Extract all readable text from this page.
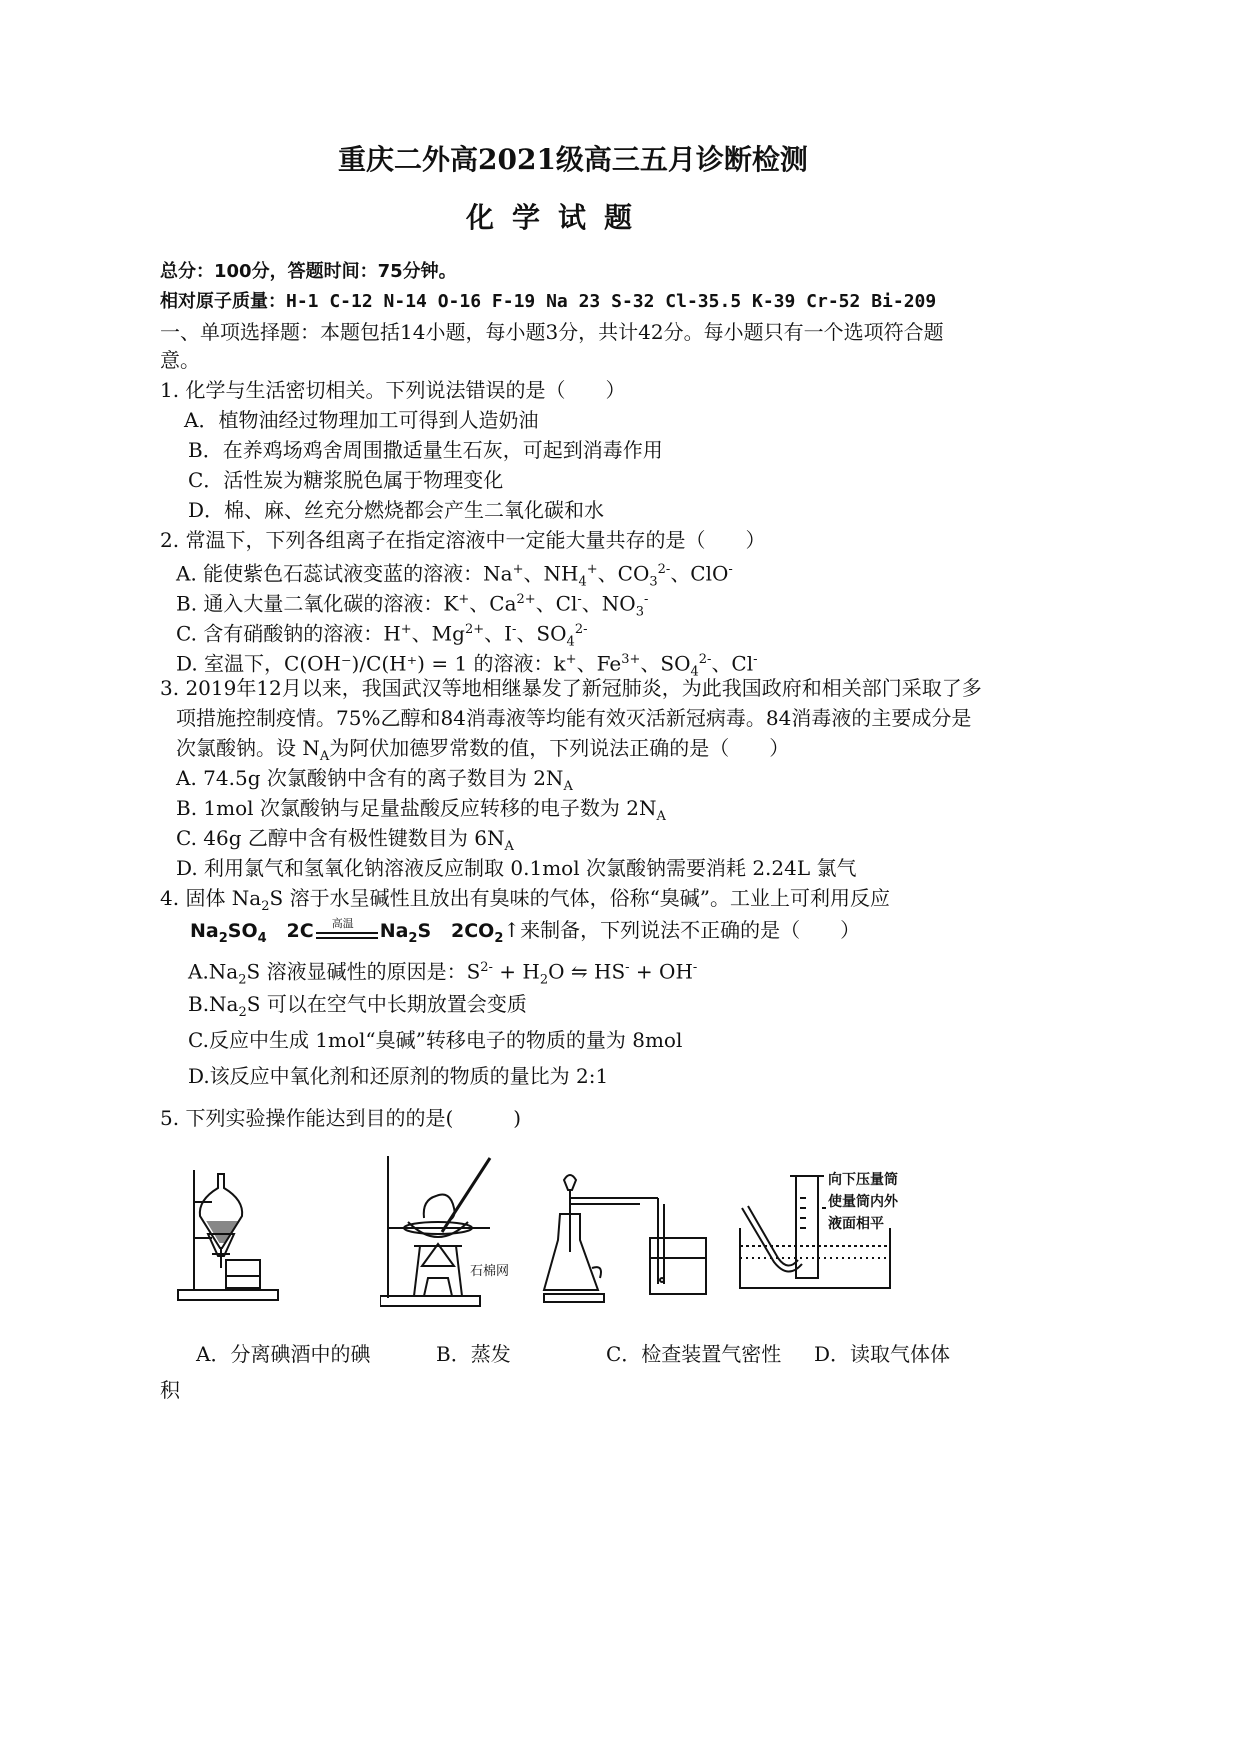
重庆二外高2021级高三五月诊断检测
化学试题
总分：100分，答题时间：75分钟。
相对原子质量：H-1 C-12 N-14 O-16 F-19 Na 23 S-32 Cl-35.5 K-39 Cr-52 Bi-209
一、单项选择题：本题包括14小题，每小题3分，共计42分。每小题只有一个选项符合题
意。
1. 化学与生活密切相关。下列说法错误的是（　　）
A．植物油经过物理加工可得到人造奶油
B．在养鸡场鸡舍周围撒适量生石灰，可起到消毒作用
C．活性炭为糖浆脱色属于物理变化
D．棉、麻、丝充分燃烧都会产生二氧化碳和水
2. 常温下，下列各组离子在指定溶液中一定能大量共存的是（　　）
A. 能使紫色石蕊试液变蓝的溶液：Na+、$NH_4^+$、$CO_3^{2-}$、ClO-
B. 通入大量二氧化碳的溶液：K+、$Ca^{2+}$、Cl-、$NO_3^-$
C. 含有硝酸钠的溶液：H+、$Mg^{2+}$、I-、$SO_4^{2-}$
D. 室温下，C(OH⁻)/C(H⁺) = 1 的溶液：k+、$Fe^{3+}$、$SO_4^{2-}$、Cl-
3. 2019年12月以来，我国武汉等地相继暴发了新冠肺炎，为此我国政府和相关部门采取了多
项措施控制疫情。75%乙醇和84消毒液等均能有效灭活新冠病毒。84消毒液的主要成分是
次氯酸钠。设 $N_A$为阿伏加德罗常数的值，下列说法正确的是（　　）
A. 74.5g 次氯酸钠中含有的离子数目为 $2N_A$
B. 1mol 次氯酸钠与足量盐酸反应转移的电子数为 $2N_A$
C. 46g 乙醇中含有极性键数目为 $6N_A$
D. 利用氯气和氢氧化钠溶液反应制取 0.1mol 次氯酸钠需要消耗 2.24L 氯气
4. 固体 $Na_2S$ 溶于水呈碱性且放出有臭味的气体，俗称“臭碱”。工业上可利用反应
$Na_2SO_4$   2C 高温 $Na_2S$   $2CO_2↑$来制备，下列说法不正确的是（　　）
$A.Na_2S$ 溶液显碱性的原因是：$S^{2-} + H_2O$ ⇋ HS- + OH-
$B.Na_2S$ 可以在空气中长期放置会变质
C.反应中生成 1mol“臭碱”转移电子的物质的量为 8mol
D.该反应中氧化剂和还原剂的物质的量比为 2:1
5. 下列实验操作能达到目的的是(　　　)
石棉网
向下压量筒
使量筒内外
液面相平
A．分离碘酒中的碘	B．蒸发	C．检查装置气密性 D．读取气体体
积
